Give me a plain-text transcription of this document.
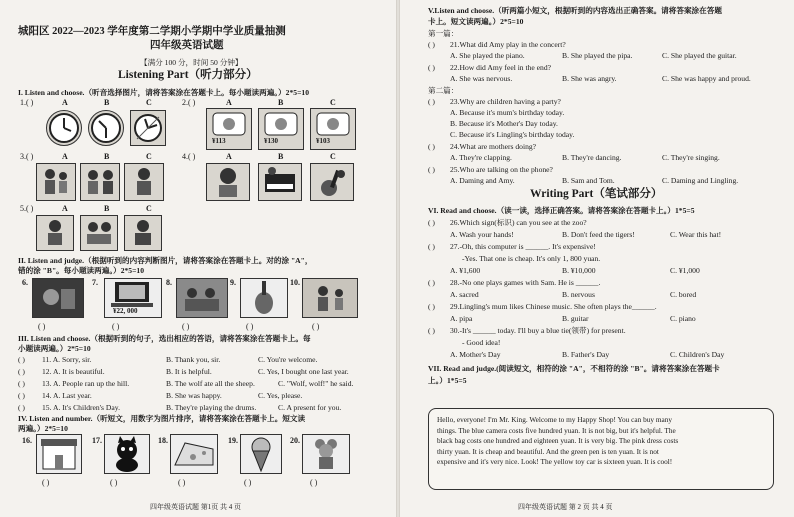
城阳区 2022—2023 学年度第二学期小学期中学业质量抽测
四年级英语试题
【满分 100 分，时间 50 分钟】
Listening Part（听力部分）
I. Listen and choose.（听音选择图片，请将答案涂在答题卡上。每小题读两遍。）2*5=10
1.( )	A	B	C	2.( )	A	B	C
¥113	¥130	¥103
3.( )	A	B	C	4.( )	A	B	C
5.( )	A	B	C
II. Listen and judge.（根据听到的内容判断图片，请将答案涂在答题卡上。对的涂 "A"，
错的涂 "B"。每小题读两遍。）2*5=10
6.	7.
¥22, 000
8.	9.	10.
( )	( )	( )	( )	( )
III. Listen and choose.（根据听到的句子，选出相应的答语，请将答案涂在答题卡上。每
小题读两遍。）2*5=10
( ) 11. A. Sorry, sir.	B. Thank you, sir.	C. You're welcome.
( ) 12. A. It is beautiful.	B. It is helpful.	C. Yes, I bought one last year.
( ) 13. A. People ran up the hill.	B. The wolf ate all the sheep.	C. "Wolf, wolf!" he said.
( ) 14. A. Last year.	B. She was happy.	C. Yes, please.
( ) 15. A. It's Children's Day.	B. They're playing the drums.	C. A present for you.
IV. Listen and number.（听短文，用数字为图片排序，请将答案涂在答题卡上。短文读
两遍。）2*5=10
16.	17.	18.	19.	20.
( )	( )	( )	( )	( )
四年级英语试题 第1页 共 4 页
V.Listen and choose.（听两篇小短文，根据听到的内容选出正确答案。请将答案涂在答题
卡上。短文读两遍。）2*5=10
第一篇：
( ) 21.What did Amy play in the concert?
A. She played the piano.	B. She played the pipa.	C. She played the guitar.
( ) 22.How did Amy feel in the end?
A. She was nervous.	B. She was angry.	C. She was happy and proud.
第二篇：
( ) 23.Why are children having a party?
A. Because it's mum's birthday today.
B. Because it's Mother's Day today.
C. Because it's Lingling's birthday today.
( ) 24.What are mothers doing?
A. They're clapping.	B. They're dancing.	C. They're singing.
( ) 25.Who are talking on the phone?
A. Daming and Amy.	B. Sam and Tom.	C. Daming and Lingling.
Writing Part（笔试部分）
VI. Read and choose.（读一读，选择正确答案。请将答案涂在答题卡上。）1*5=5
( ) 26.Which sign(标识) can you see at the zoo?
A. Wash your hands!	B. Don't feed the tigers!	C. Wear this hat!
( ) 27.-Oh, this computer is ______. It's expensive!
-Yes. That one is cheap. It's only 1, 800 yuan.
A. ¥1,600	B. ¥10,000	C. ¥1,000
( ) 28.-No one plays games with Sam. He is ______.
A. sacred	B. nervous	C. bored
( ) 29.Lingling's mum likes Chinese music. She often plays the______.
A. pipa	B. guitar	C. piano
( ) 30.-It's ______ today. I'll buy a blue tie(领带) for present.
- Good idea!
A. Mother's Day	B. Father's Day	C. Children's Day
VII. Read and judge.(阅读短文，相符的涂 "A"，不相符的涂 "B"。请将答案涂在答题卡
上。）1*5=5

Hello, everyone! I'm Mr. King. Welcome to my Happy Shop! You can buy many

things. The blue camera costs five hundred yuan. It is not big, but it's helpful. The

black bag costs one hundred and eighteen yuan. It is very big. The pink dress costs

thirty yuan. It is cheap and beautiful. And the green pen is ten yuan. It is not

expensive and it's very nice. Look! The yellow toy car is sixteen yuan. It is cool!

四年级英语试题 第 2 页 共 4 页
